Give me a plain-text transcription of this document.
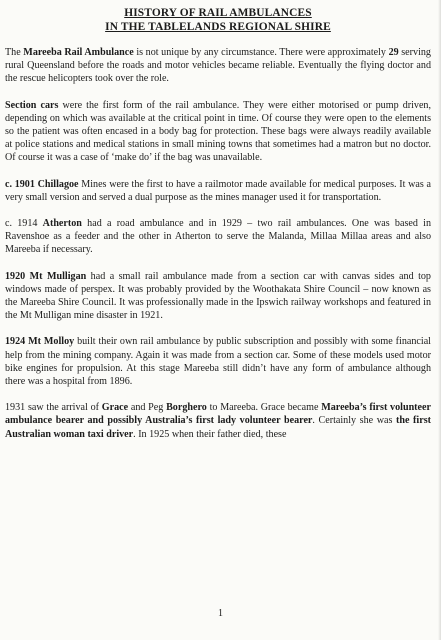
HISTORY OF RAIL AMBULANCES
IN THE TABLELANDS REGIONAL SHIRE

The Mareeba Rail Ambulance is not unique by any circumstance. There were approximately 29 serving rural Queensland before the roads and motor vehicles became reliable. Eventually the flying doctor and the rescue helicopters took over the role.

Section cars were the first form of the rail ambulance. They were either motorised or pump driven, depending on which was available at the critical point in time. Of course they were open to the elements so the patient was often encased in a body bag for protection. These bags were always readily available at police stations and medical stations in small mining towns that sometimes had a matron but no doctor. Of course it was a case of ‘make do’ if the bag was unavailable.

c. 1901 Chillagoe Mines were the first to have a railmotor made available for medical purposes. It was a very small version and served a dual purpose as the mines manager used it for transportation.

c. 1914 Atherton had a road ambulance and in 1929 – two rail ambulances. One was based in Ravenshoe as a feeder and the other in Atherton to serve the Malanda, Millaa Millaa areas and also Mareeba if necessary.

1920 Mt Mulligan had a small rail ambulance made from a section car with canvas sides and top windows made of perspex. It was probably provided by the Woothakata Shire Council – now known as the Mareeba Shire Council. It was professionally made in the Ipswich railway workshops and featured in the Mt Mulligan mine disaster in 1921.

1924 Mt Molloy built their own rail ambulance by public subscription and possibly with some financial help from the mining company. Again it was made from a section car. Some of these models used motor bike engines for propulsion. At this stage Mareeba still didn’t have any form of ambulance although there was a hospital from 1896.

1931 saw the arrival of Grace and Peg Borghero to Mareeba. Grace became Mareeba’s first volunteer ambulance bearer and possibly Australia’s first lady volunteer bearer. Certainly she was the first Australian woman taxi driver. In 1925 when their father died, these

1
